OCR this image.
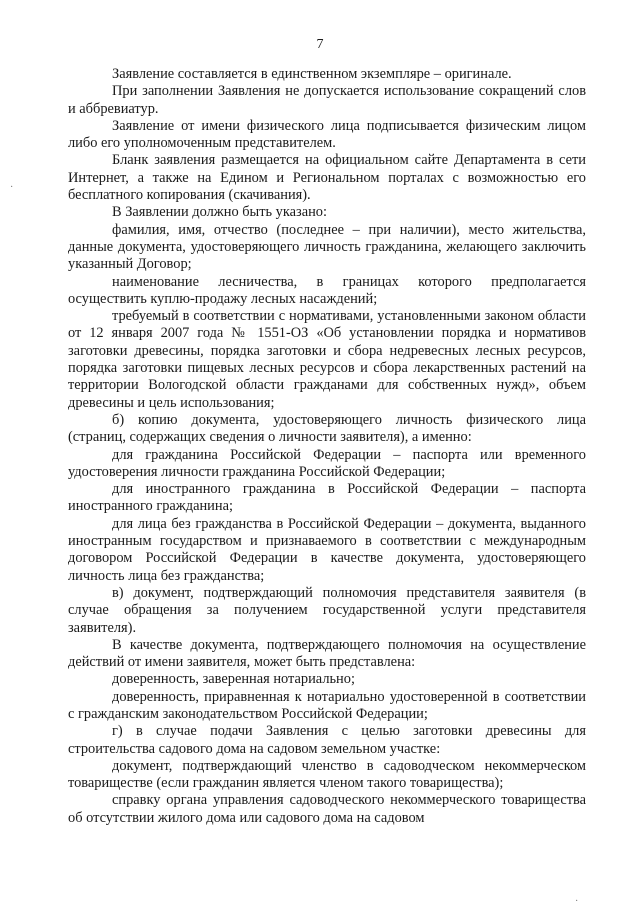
7

Заявление составляется в единственном экземпляре – оригинале.

При заполнении Заявления не допускается использование сокращений слов и аббревиатур.

Заявление от имени физического лица подписывается физическим лицом либо его уполномоченным представителем.

Бланк заявления размещается на официальном сайте Департамента в сети Интернет, а также на Едином и Региональном порталах с возможностью его бесплатного копирования (скачивания).

В Заявлении должно быть указано:

фамилия, имя, отчество (последнее – при наличии), место жительства, данные документа, удостоверяющего личность гражданина, желающего заключить указанный Договор;

наименование лесничества, в границах которого предполагается осуществить куплю-продажу лесных насаждений;

требуемый в соответствии с нормативами, установленными законом области от 12 января 2007 года № 1551-ОЗ «Об установлении порядка и нормативов заготовки древесины, порядка заготовки и сбора недревесных лесных ресурсов, порядка заготовки пищевых лесных ресурсов и сбора лекарственных растений на территории Вологодской области гражданами для собственных нужд», объем древесины и цель использования;

б) копию документа, удостоверяющего личность физического лица (страниц, содержащих сведения о личности заявителя), а именно:

для гражданина Российской Федерации – паспорта или временного удостоверения личности гражданина Российской Федерации;

для иностранного гражданина в Российской Федерации – паспорта иностранного гражданина;

для лица без гражданства в Российской Федерации – документа, выданного иностранным государством и признаваемого в соответствии с международным договором Российской Федерации в качестве документа, удостоверяющего личность лица без гражданства;

в) документ, подтверждающий полномочия представителя заявителя (в случае обращения за получением государственной услуги представителя заявителя).

В качестве документа, подтверждающего полномочия на осуществление действий от имени заявителя, может быть представлена:

доверенность, заверенная нотариально;

доверенность, приравненная к нотариально удостоверенной в соответствии с гражданским законодательством Российской Федерации;

г) в случае подачи Заявления с целью заготовки древесины для строительства садового дома на садовом земельном участке:

документ, подтверждающий членство в садоводческом некоммерческом товариществе (если гражданин является членом такого товарищества);

справку органа управления садоводческого некоммерческого товарищества об отсутствии жилого дома или садового дома на садовом

·
·
